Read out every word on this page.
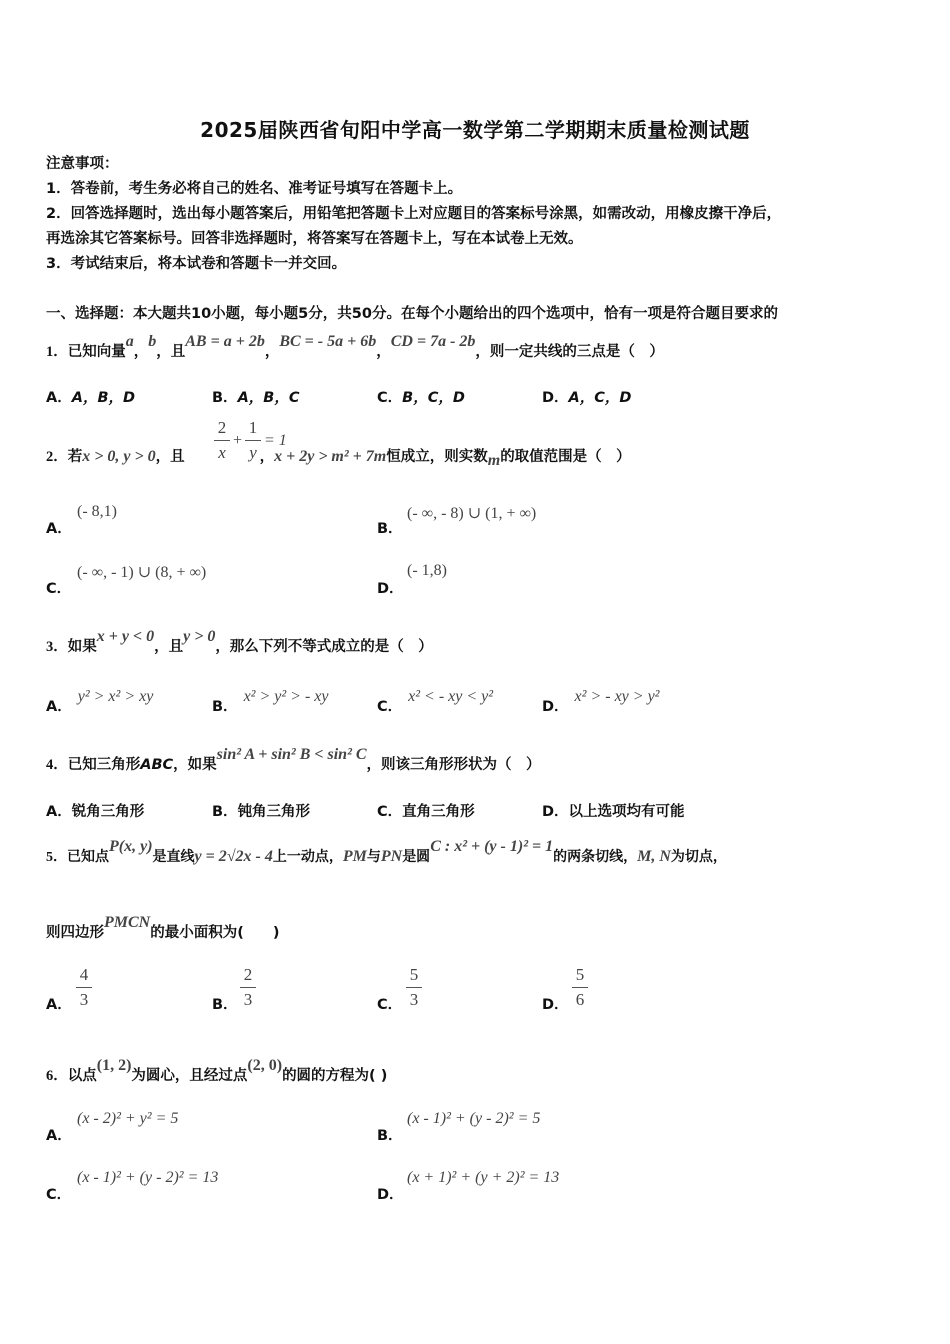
2025届陕西省旬阳中学高一数学第二学期期末质量检测试题
注意事项：
1．答卷前，考生务必将自己的姓名、准考证号填写在答题卡上。
2．回答选择题时，选出每小题答案后，用铅笔把答题卡上对应题目的答案标号涂黑，如需改动，用橡皮擦干净后，
再选涂其它答案标号。回答非选择题时，将答案写在答题卡上，写在本试卷上无效。
3．考试结束后，将本试卷和答题卡一并交回。
一、选择题：本大题共10小题，每小题5分，共50分。在每个小题给出的四个选项中，恰有一项是符合题目要求的
1．已知向量a，b，且AB = a + 2b，BC = - 5a + 6b，CD = 7a - 2b，则一定共线的三点是（　）
A．A，B，D	B．A，B，C	C．B，C，D	D．A，C，D
2．若x > 0, y > 0，且	，x + 2y > m² + 7m恒成立，则实数m的取值范围是（　）
2
x
+
1
y
= 1
A．
(- 8,1)
B．
(- ∞, - 8) ∪ (1, + ∞)
C．
(- ∞, - 1) ∪ (8, + ∞)
D．
(- 1,8)
3．如果x + y < 0，且y > 0，那么下列不等式成立的是（　）
A．y² > x² > xy
B．x² > y² > - xy
C．x² < - xy < y²
D．x² > - xy > y²
4．已知三角形ABC，如果sin² A + sin² B < sin² C，则该三角形形状为（　）
A．锐角三角形	B．钝角三角形	C．直角三角形	D．以上选项均有可能
5．已知点P(x, y)是直线y = 2√2x - 4上一动点，PM与PN是圆C : x² + (y - 1)² = 1的两条切线，M, N为切点，
则四边形PMCN的最小面积为(　　)
A．
4
3	B．
2
3	C．
5
3	D．
5
6
6．以点(1, 2)为圆心，且经过点(2, 0)的圆的方程为( )
A．
(x - 2)² + y² = 5
B．
(x - 1)² + (y - 2)² = 5
C．
(x - 1)² + (y - 2)² = 13
D．
(x + 1)² + (y + 2)² = 13
